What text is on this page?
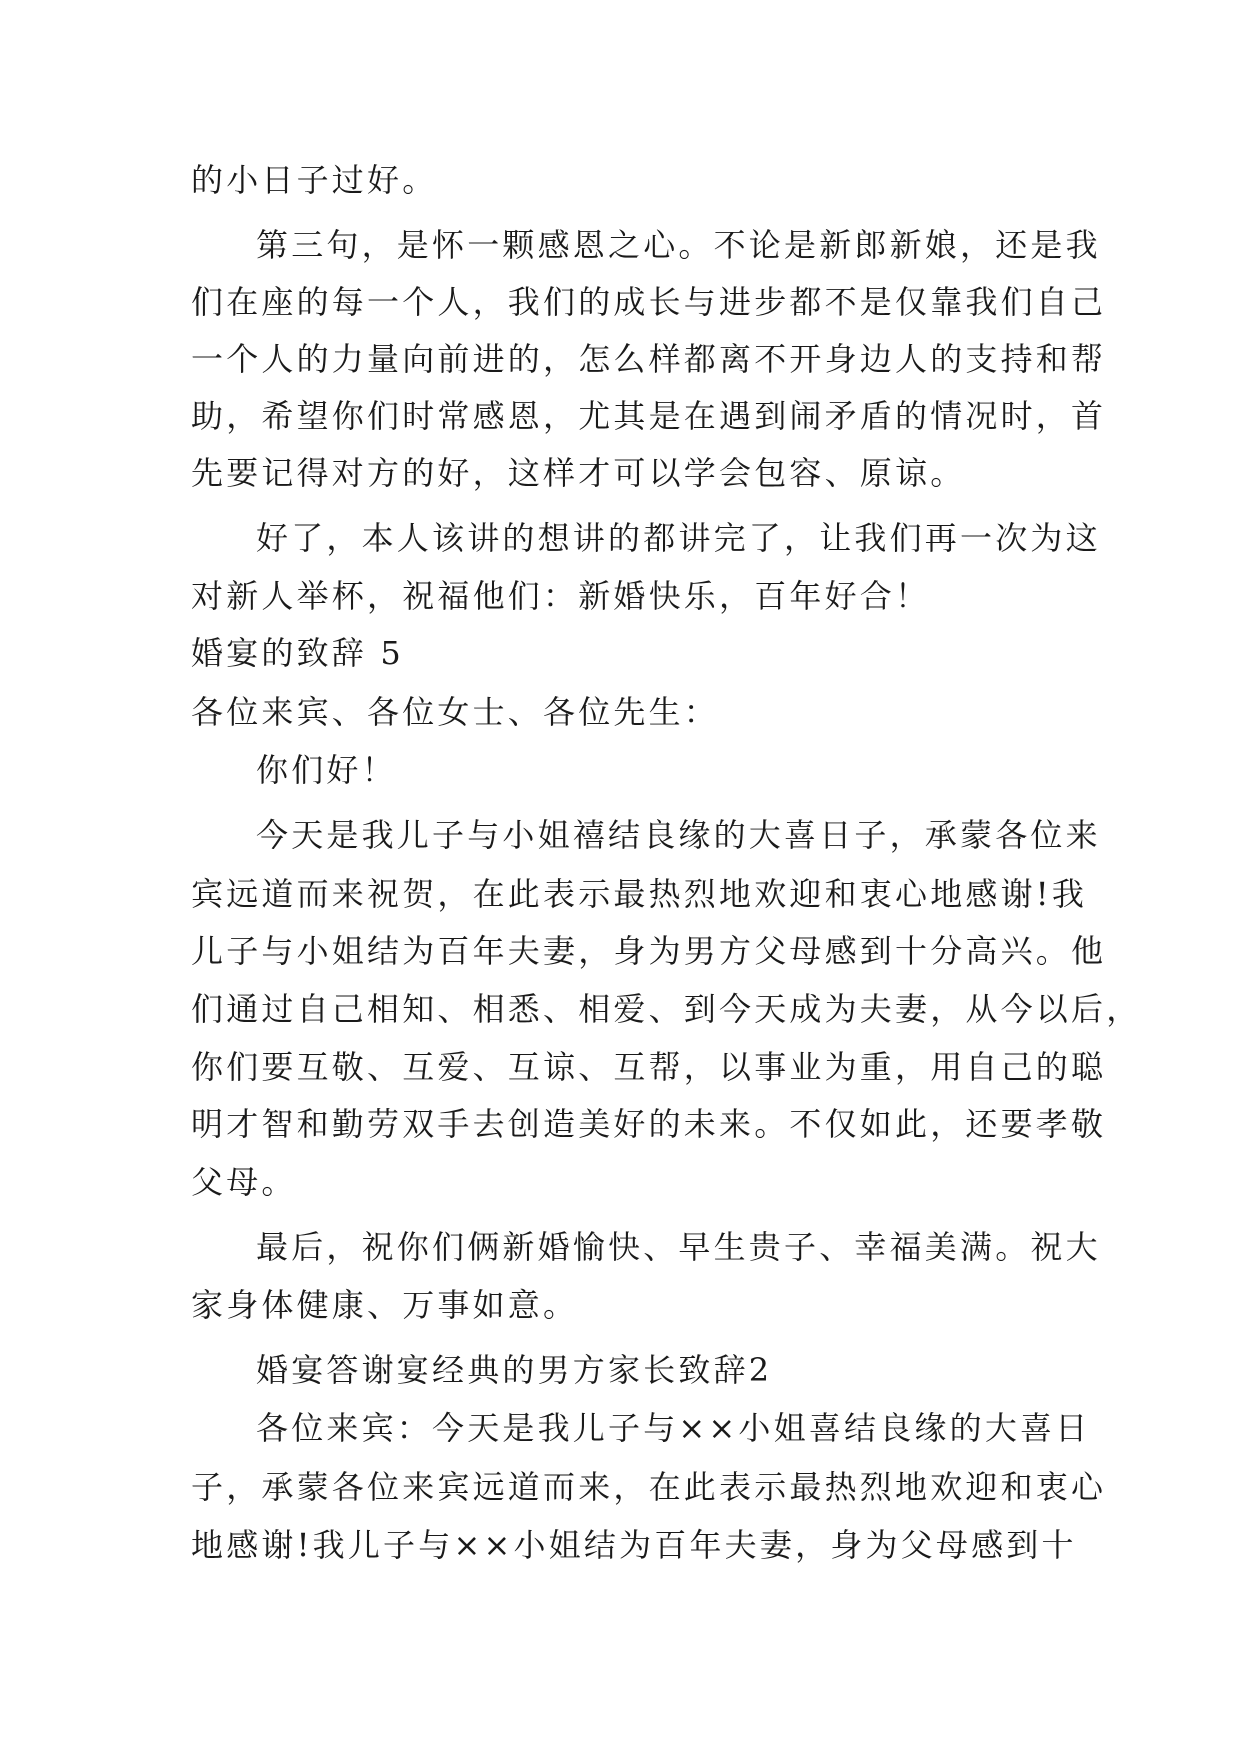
的小日子过好。
第三句，是怀一颗感恩之心。不论是新郎新娘，还是我
们在座的每一个人，我们的成长与进步都不是仅靠我们自己
一个人的力量向前进的，怎么样都离不开身边人的支持和帮
助，希望你们时常感恩，尤其是在遇到闹矛盾的情况时，首
先要记得对方的好，这样才可以学会包容、原谅。
好了，本人该讲的想讲的都讲完了，让我们再一次为这
对新人举杯，祝福他们：新婚快乐，百年好合！
婚宴的致辞 5
各位来宾、各位女士、各位先生：
你们好！
今天是我儿子与小姐禧结良缘的大喜日子，承蒙各位来
宾远道而来祝贺，在此表示最热烈地欢迎和衷心地感谢!我
儿子与小姐结为百年夫妻，身为男方父母感到十分高兴。他
们通过自己相知、相悉、相爱、到今天成为夫妻，从今以后，
你们要互敬、互爱、互谅、互帮，以事业为重，用自己的聪
明才智和勤劳双手去创造美好的未来。不仅如此，还要孝敬
父母。
最后，祝你们俩新婚愉快、早生贵子、幸福美满。祝大
家身体健康、万事如意。
婚宴答谢宴经典的男方家长致辞2
各位来宾：今天是我儿子与××小姐喜结良缘的大喜日
子，承蒙各位来宾远道而来，在此表示最热烈地欢迎和衷心
地感谢!我儿子与××小姐结为百年夫妻，身为父母感到十
